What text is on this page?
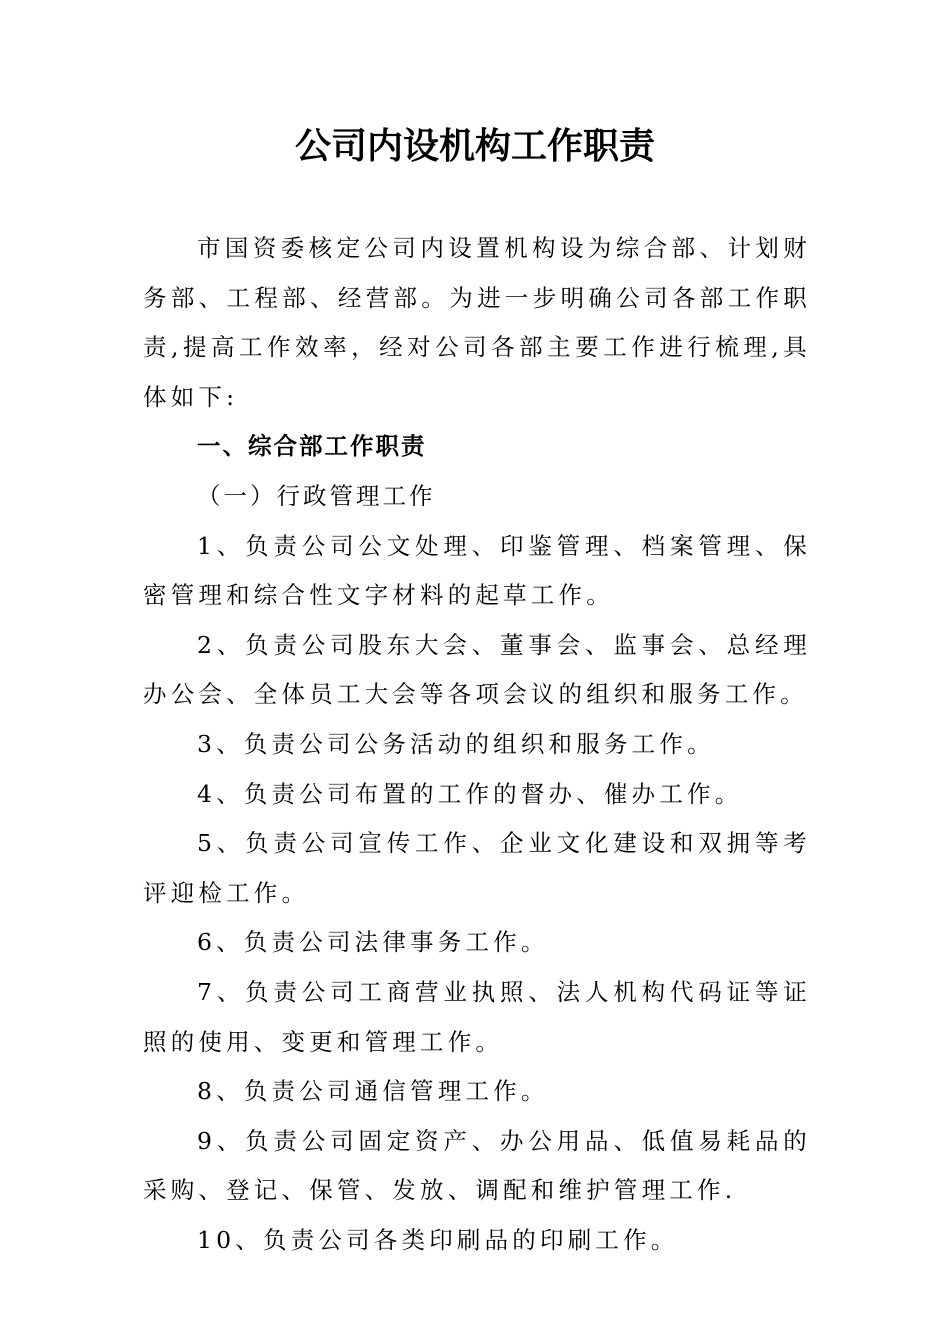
公司内设机构工作职责

市国资委核定公司内设置机构设为综合部、计划财务部、工程部、经营部。为进一步明确公司各部工作职责,提高工作效率，经对公司各部主要工作进行梳理,具体如下:

一、综合部工作职责

（一）行政管理工作

1、负责公司公文处理、印鉴管理、档案管理、保密管理和综合性文字材料的起草工作。

2、负责公司股东大会、董事会、监事会、总经理办公会、全体员工大会等各项会议的组织和服务工作。

3、负责公司公务活动的组织和服务工作。

4、负责公司布置的工作的督办、催办工作。

5、负责公司宣传工作、企业文化建设和双拥等考评迎检工作。

6、负责公司法律事务工作。

7、负责公司工商营业执照、法人机构代码证等证照的使用、变更和管理工作。

8、负责公司通信管理工作。

9、负责公司固定资产、办公用品、低值易耗品的采购、登记、保管、发放、调配和维护管理工作.

10、负责公司各类印刷品的印刷工作。
